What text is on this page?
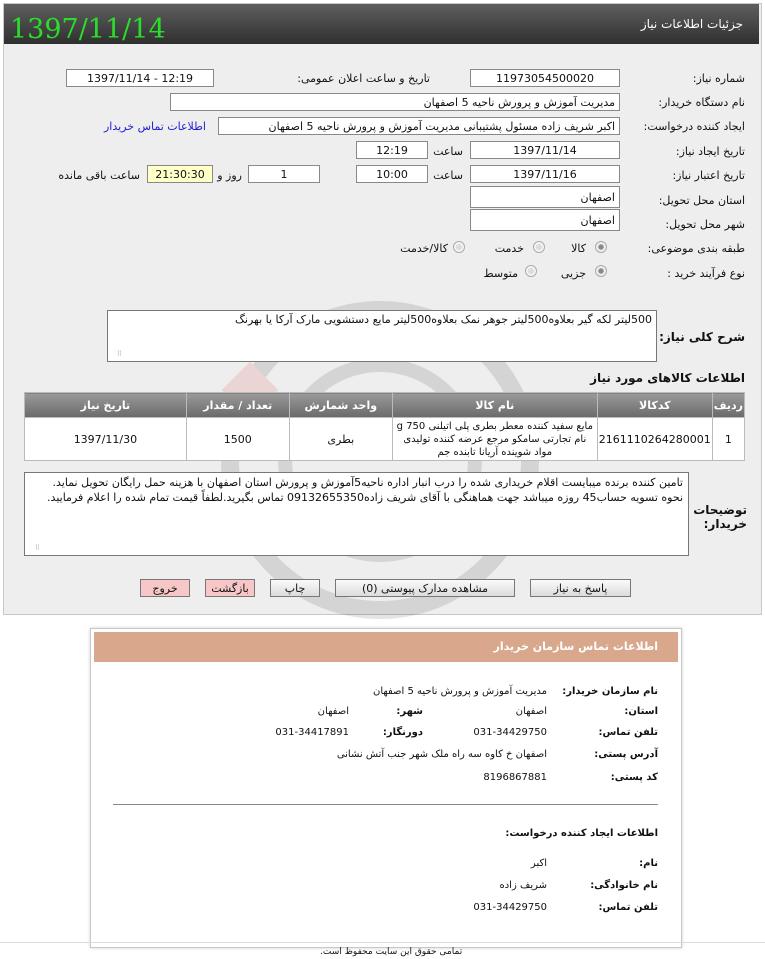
جزئیات اطلاعات نیاز
1397/11/14
شماره نیاز:
11973054500020
تاریخ و ساعت اعلان عمومی:
1397/11/14 - 12:19
نام دستگاه خریدار:
مدیریت آموزش و پرورش ناحیه 5 اصفهان
ایجاد کننده درخواست:
اکبر شریف زاده مسئول پشتیبانی مدیریت آموزش و پرورش ناحیه 5 اصفهان
اطلاعات تماس خریدار
تاریخ ایجاد نیاز:
1397/11/14
ساعت
12:19
تاریخ اعتبار نیاز:
1397/11/16
ساعت
10:00
1
روز و
21:30:30
ساعت باقی مانده
استان محل تحویل:
اصفهان
شهر محل تحویل:
اصفهان
طبقه بندی موضوعی:
کالا
خدمت
کالا/خدمت
نوع فرآیند خرید :
جزیی
متوسط
شرح کلی نیاز:
500لیتر لکه گیر بعلاوه500لیتر جوهر نمک بعلاوه500لیتر مایع دستشویی مارک آرکا یا بهرنگ
⠿
اطلاعات کالاهای مورد نیاز
ردیف	کدکالا	نام کالا	واحد شمارش	تعداد / مقدار	تاریخ نیاز
1	2161110264280001	مایع سفید کننده معطر بطری پلی اتیلنی 750 g نام تجارتی سامکو مرجع عرضه کننده تولیدی مواد شوینده آریانا تابنده جم	بطری	1500	1397/11/30
توضیحات خریدار:
تامین کننده برنده میبایست اقلام خریداری شده را درب انبار اداره ناحیه5آموزش و پرورش استان اصفهان با هزینه حمل رایگان تحویل نماید. نحوه تسویه حساب45 روزه میباشد جهت هماهنگی با آقای شریف زاده09132655350 تماس بگیرید.لطفاً قیمت تمام شده را اعلام فرمایید.
⠿
پاسخ به نیاز
مشاهده مدارک پیوستی (0)
چاپ
بازگشت
خروج
اطلاعات تماس سازمان خریدار
نام سازمان خریدار:
مدیریت آموزش و پرورش ناحیه 5 اصفهان
استان:
اصفهان
شهر:
اصفهان
تلفن تماس:
031-34429750
دورنگار:
031-34417891
آدرس پستی:
اصفهان خ کاوه سه راه ملک شهر جنب آتش نشانی
کد پستی:
8196867881
اطلاعات ایجاد کننده درخواست:
نام:
اکبر
نام خانوادگی:
شریف زاده
تلفن تماس:
031-34429750
تمامی حقوق این سایت محفوظ است.
